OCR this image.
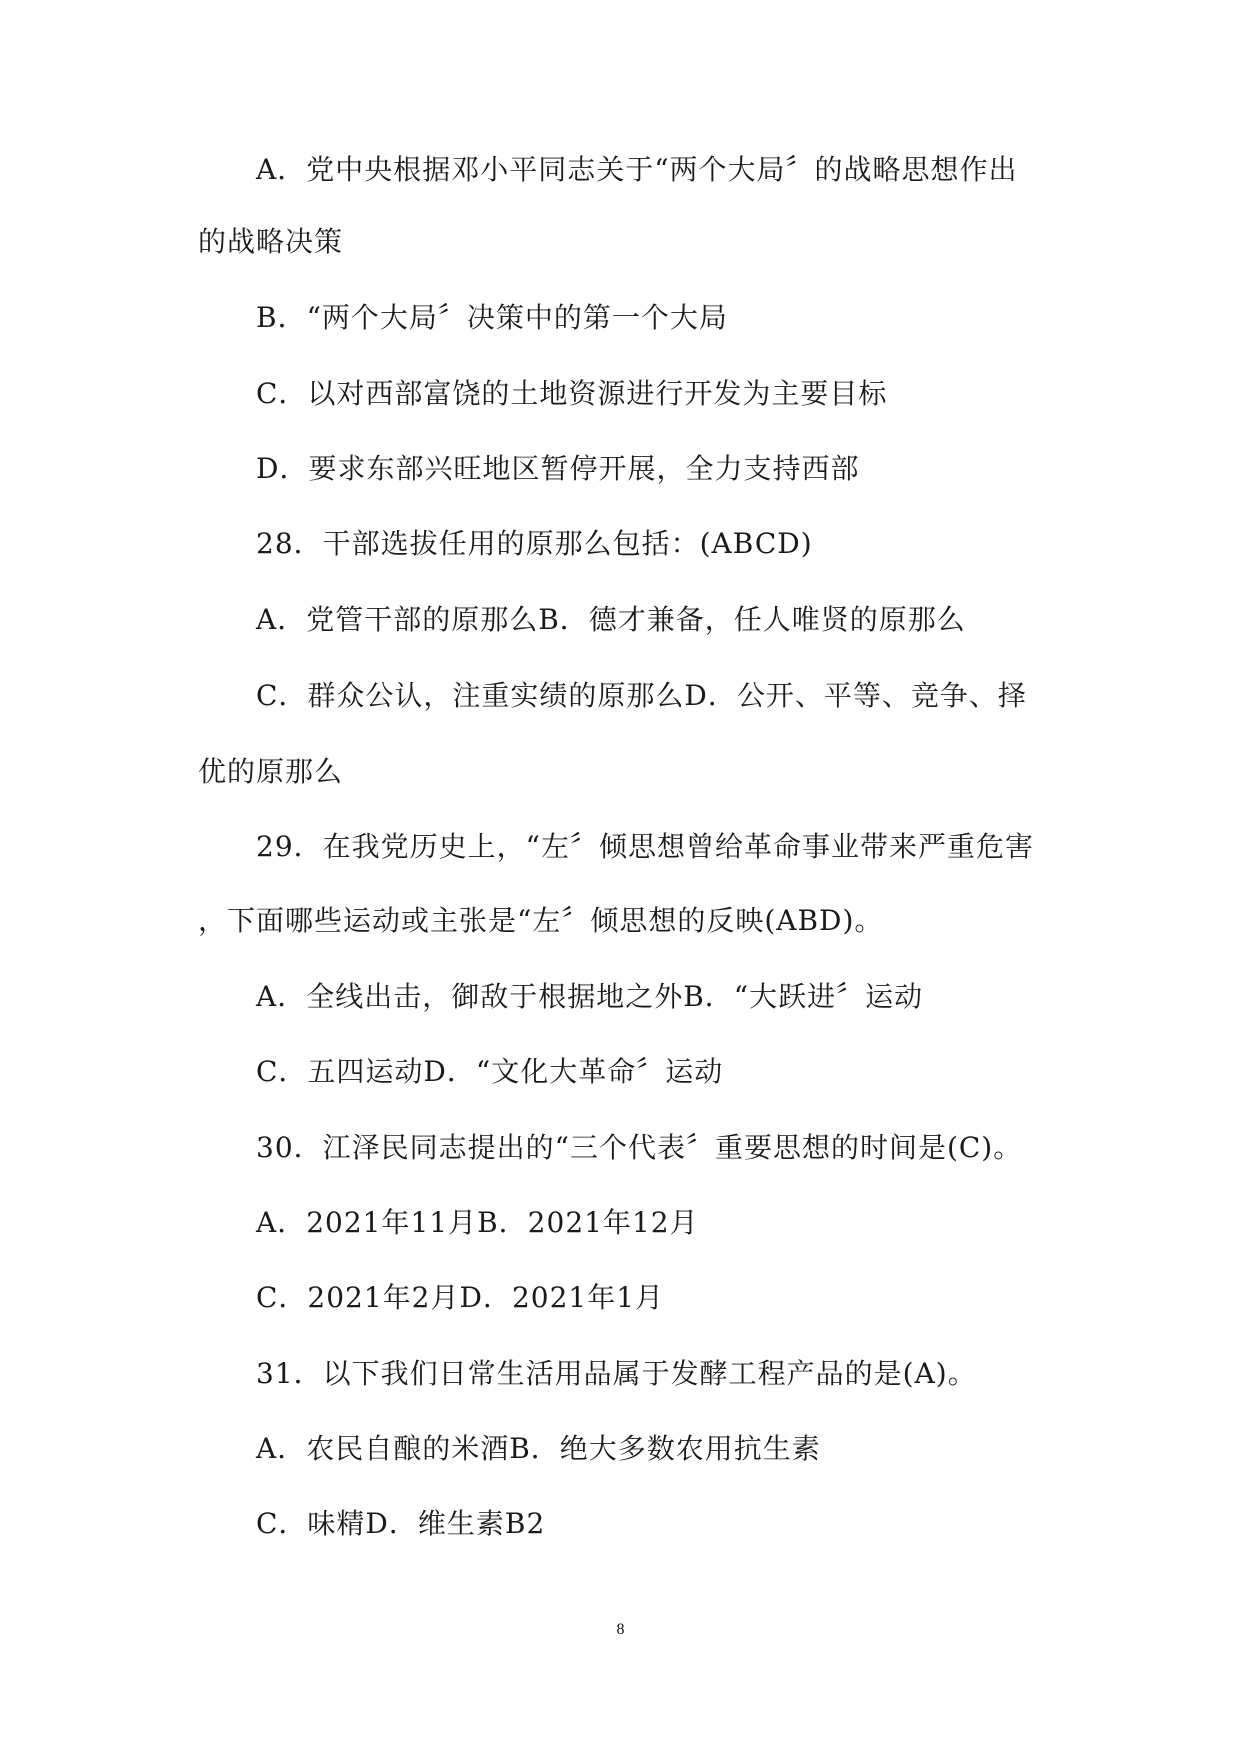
A．党中央根据邓小平同志关于“两个大局〞的战略思想作出
的战略决策
B．“两个大局〞决策中的第一个大局
C．以对西部富饶的土地资源进行开发为主要目标
D．要求东部兴旺地区暂停开展，全力支持西部
28．干部选拔任用的原那么包括：(ABCD)
A．党管干部的原那么B．德才兼备，任人唯贤的原那么
C．群众公认，注重实绩的原那么D．公开、平等、竞争、择
优的原那么
29．在我党历史上，“左〞倾思想曾给革命事业带来严重危害
，下面哪些运动或主张是“左〞倾思想的反映(ABD)。
A．全线出击，御敌于根据地之外B．“大跃进〞运动
C．五四运动D．“文化大革命〞运动
30．江泽民同志提出的“三个代表〞重要思想的时间是(C)。
A．2021年11月B．2021年12月
C．2021年2月D．2021年1月
31．以下我们日常生活用品属于发酵工程产品的是(A)。
A．农民自酿的米酒B．绝大多数农用抗生素
C．味精D．维生素B2
8
